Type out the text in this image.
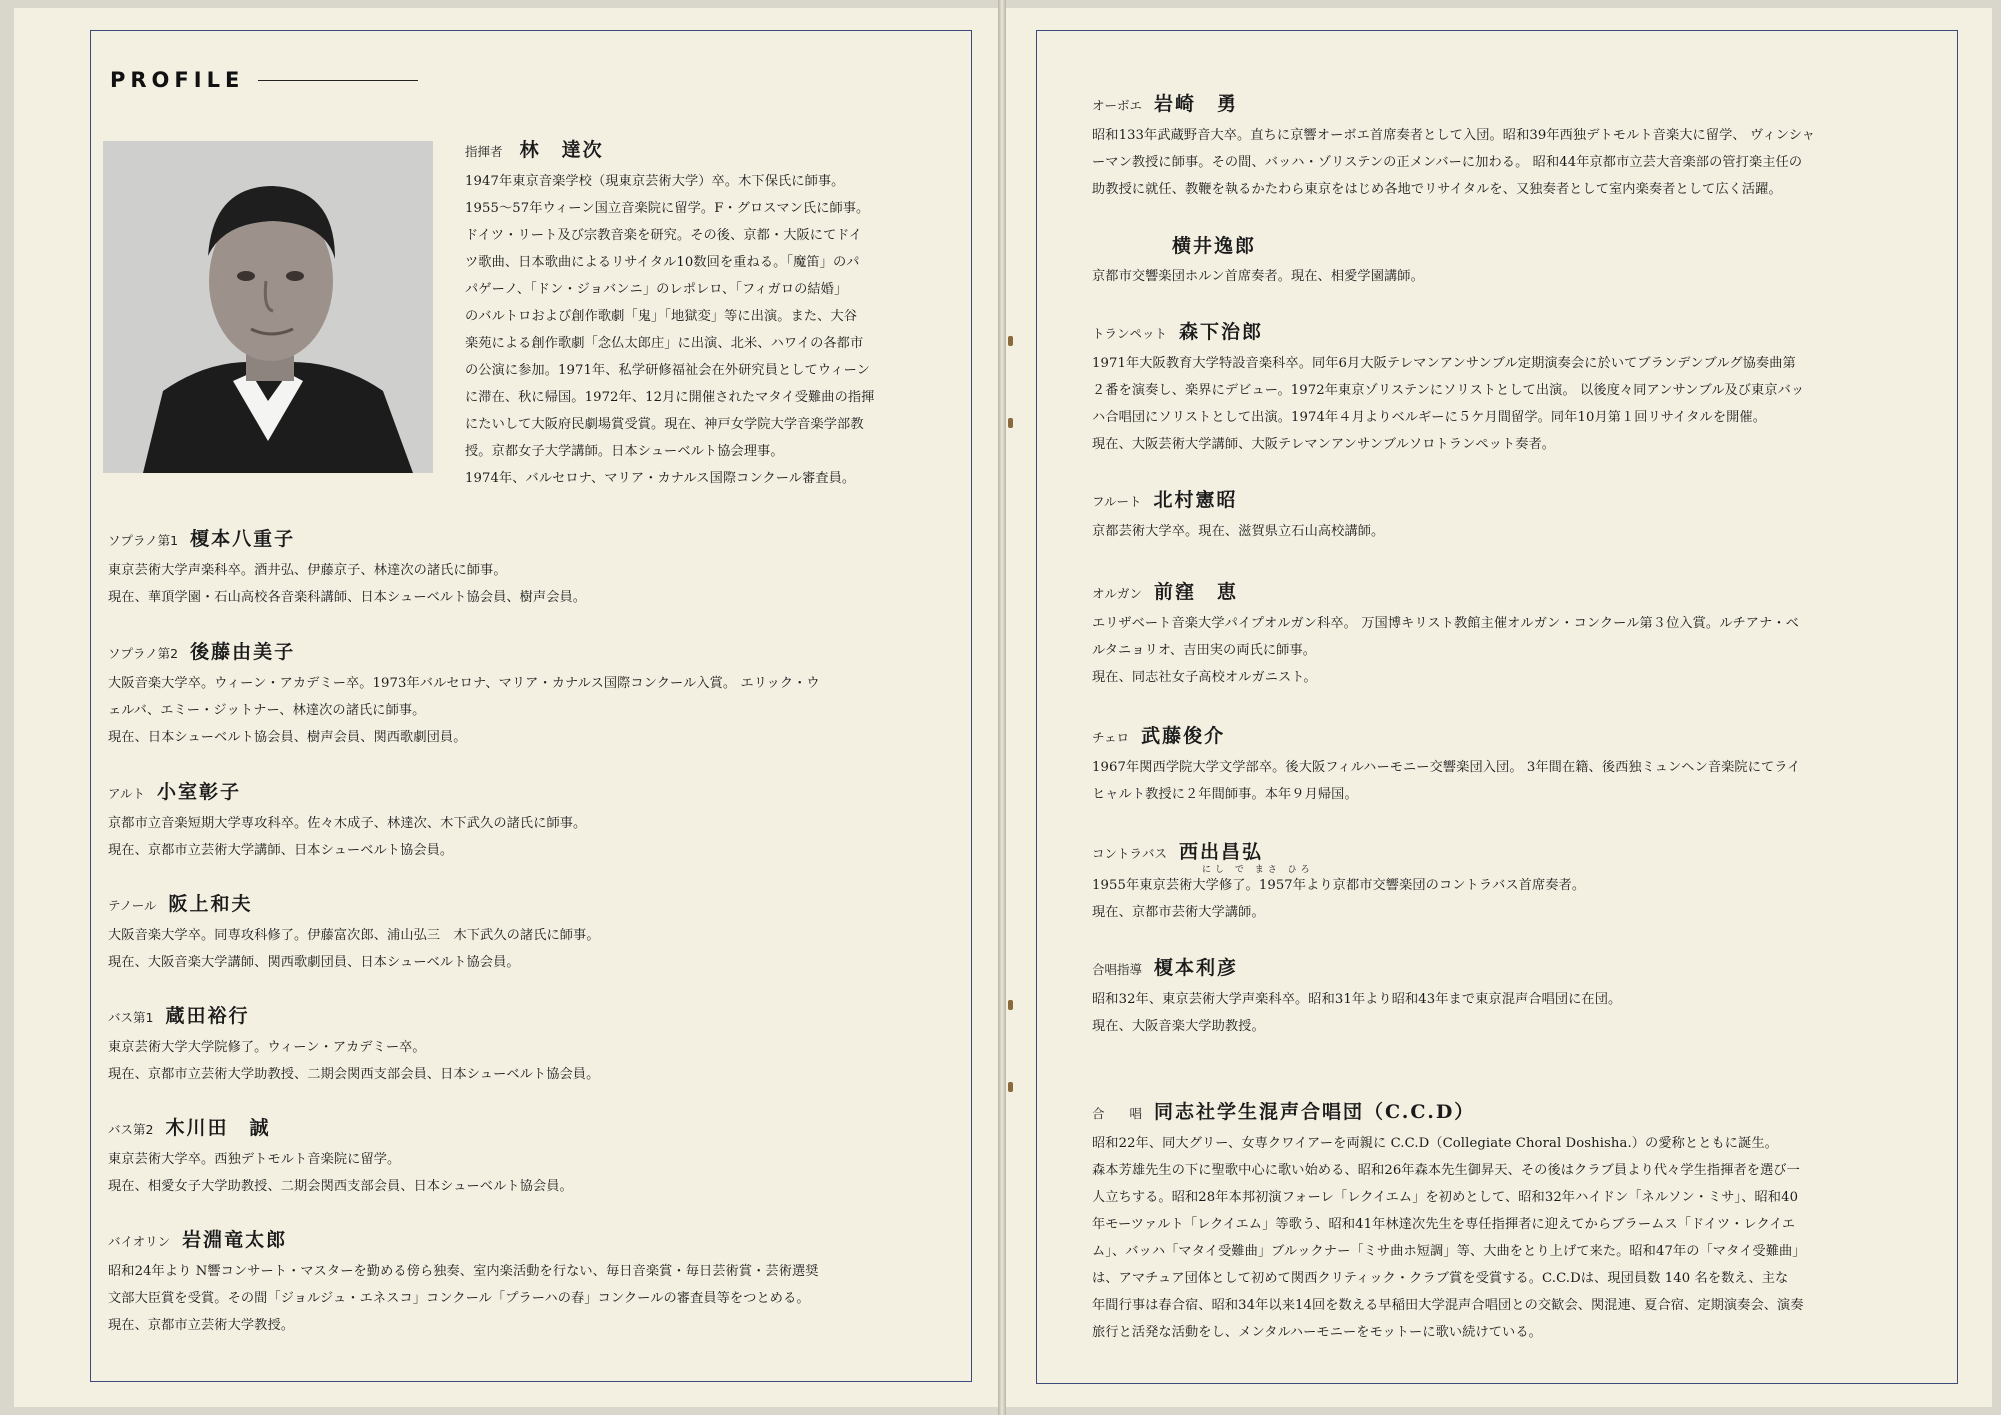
PROFILE
指揮者 林　達次
1947年東京音楽学校（現東京芸術大学）卒。木下保氏に師事。
1955〜57年ウィーン国立音楽院に留学。F・グロスマン氏に師事。
ドイツ・リート及び宗教音楽を研究。その後、京都・大阪にてドイ
ツ歌曲、日本歌曲によるリサイタル10数回を重ねる。「魔笛」のパ
パゲーノ、「ドン・ジョバンニ」のレポレロ、「フィガロの結婚」
のバルトロおよび創作歌劇「鬼」「地獄変」等に出演。また、大谷
楽苑による創作歌劇「念仏太郎庄」に出演、北米、ハワイの各都市
の公演に参加。1971年、私学研修福祉会在外研究員としてウィーン
に滞在、秋に帰国。1972年、12月に開催されたマタイ受難曲の指揮
にたいして大阪府民劇場賞受賞。現在、神戸女学院大学音楽学部教
授。京都女子大学講師。日本シューベルト協会理事。
1974年、バルセロナ、マリア・カナルス国際コンクール審査員。
ソプラノ第1 榎本八重子
東京芸術大学声楽科卒。酒井弘、伊藤京子、林達次の諸氏に師事。
現在、華頂学園・石山高校各音楽科講師、日本シューベルト協会員、樹声会員。
ソプラノ第2 後藤由美子
大阪音楽大学卒。ウィーン・アカデミー卒。1973年バルセロナ、マリア・カナルス国際コンクール入賞。 エリック・ウ
ェルバ、エミー・ジットナー、林達次の諸氏に師事。
現在、日本シューベルト協会員、樹声会員、関西歌劇団員。
アルト 小室彰子
京都市立音楽短期大学専攻科卒。佐々木成子、林達次、木下武久の諸氏に師事。
現在、京都市立芸術大学講師、日本シューベルト協会員。
テノール 阪上和夫
大阪音楽大学卒。同専攻科修了。伊藤富次郎、浦山弘三　木下武久の諸氏に師事。
現在、大阪音楽大学講師、関西歌劇団員、日本シューベルト協会員。
バス第1 蔵田裕行
東京芸術大学大学院修了。ウィーン・アカデミー卒。
現在、京都市立芸術大学助教授、二期会関西支部会員、日本シューベルト協会員。
バス第2 木川田　誠
東京芸術大学卒。西独デトモルト音楽院に留学。
現在、相愛女子大学助教授、二期会関西支部会員、日本シューベルト協会員。
バイオリン 岩淵竜太郎
昭和24年より N響コンサート・マスターを勤める傍ら独奏、室内楽活動を行ない、毎日音楽賞・毎日芸術賞・芸術選奨
文部大臣賞を受賞。その間「ジョルジュ・エネスコ」コンクール「プラーハの春」コンクールの審査員等をつとめる。
現在、京都市立芸術大学教授。
オーボエ 岩崎　勇
昭和133年武蔵野音大卒。直ちに京響オーボエ首席奏者として入団。昭和39年西独デトモルト音楽大に留学、 ヴィンシャ
ーマン教授に師事。その間、バッハ・ゾリステンの正メンバーに加わる。 昭和44年京都市立芸大音楽部の管打楽主任の
助教授に就任、教鞭を執るかたわら東京をはじめ各地でリサイタルを、又独奏者として室内楽奏者として広く活躍。
横井逸郎
京都市交響楽団ホルン首席奏者。現在、相愛学園講師。
トランペット 森下治郎
1971年大阪教育大学特設音楽科卒。同年6月大阪テレマンアンサンブル定期演奏会に於いてブランデンブルグ協奏曲第
２番を演奏し、楽界にデビュー。1972年東京ゾリステンにソリストとして出演。 以後度々同アンサンブル及び東京バッ
ハ合唱団にソリストとして出演。1974年４月よりベルギーに５ケ月間留学。同年10月第１回リサイタルを開催。
現在、大阪芸術大学講師、大阪テレマンアンサンブルソロトランペット奏者。
フルート 北村憲昭
京都芸術大学卒。現在、滋賀県立石山高校講師。
オルガン 前窪　恵
エリザベート音楽大学パイプオルガン科卒。 万国博キリスト教館主催オルガン・コンクール第３位入賞。ルチアナ・ベ
ルタニョリオ、吉田実の両氏に師事。
現在、同志社女子高校オルガニスト。
チェロ 武藤俊介
1967年関西学院大学文学部卒。後大阪フィルハーモニー交響楽団入団。 3年間在籍、後西独ミュンヘン音楽院にてライ
ヒャルト教授に２年間師事。本年９月帰国。
コントラバス 西出昌弘
にし で まさ ひろ
1955年東京芸術大学修了。1957年より京都市交響楽団のコントラバス首席奏者。
現在、京都市芸術大学講師。
合唱指導 榎本利彦
昭和32年、東京芸術大学声楽科卒。昭和31年より昭和43年まで東京混声合唱団に在団。
現在、大阪音楽大学助教授。
合　　唱 同志社学生混声合唱団（C.C.D）
昭和22年、同大グリー、女専クワイアーを両親に C.C.D（Collegiate Choral Doshisha.）の愛称とともに誕生。
森本芳雄先生の下に聖歌中心に歌い始める、昭和26年森本先生御昇天、その後はクラブ員より代々学生指揮者を選び一
人立ちする。昭和28年本邦初演フォーレ「レクイエム」を初めとして、昭和32年ハイドン「ネルソン・ミサ」、昭和40
年モーツァルト「レクイエム」等歌う、昭和41年林達次先生を専任指揮者に迎えてからブラームス「ドイツ・レクイエ
ム」、バッハ「マタイ受難曲」ブルックナー「ミサ曲ホ短調」等、大曲をとり上げて来た。昭和47年の「マタイ受難曲」
は、アマチュア団体として初めて関西クリティック・クラブ賞を受賞する。C.C.Dは、現団員数 140 名を数え、主な
年間行事は春合宿、昭和34年以来14回を数える早稲田大学混声合唱団との交歓会、関混連、夏合宿、定期演奏会、演奏
旅行と活発な活動をし、メンタルハーモニーをモットーに歌い続けている。
